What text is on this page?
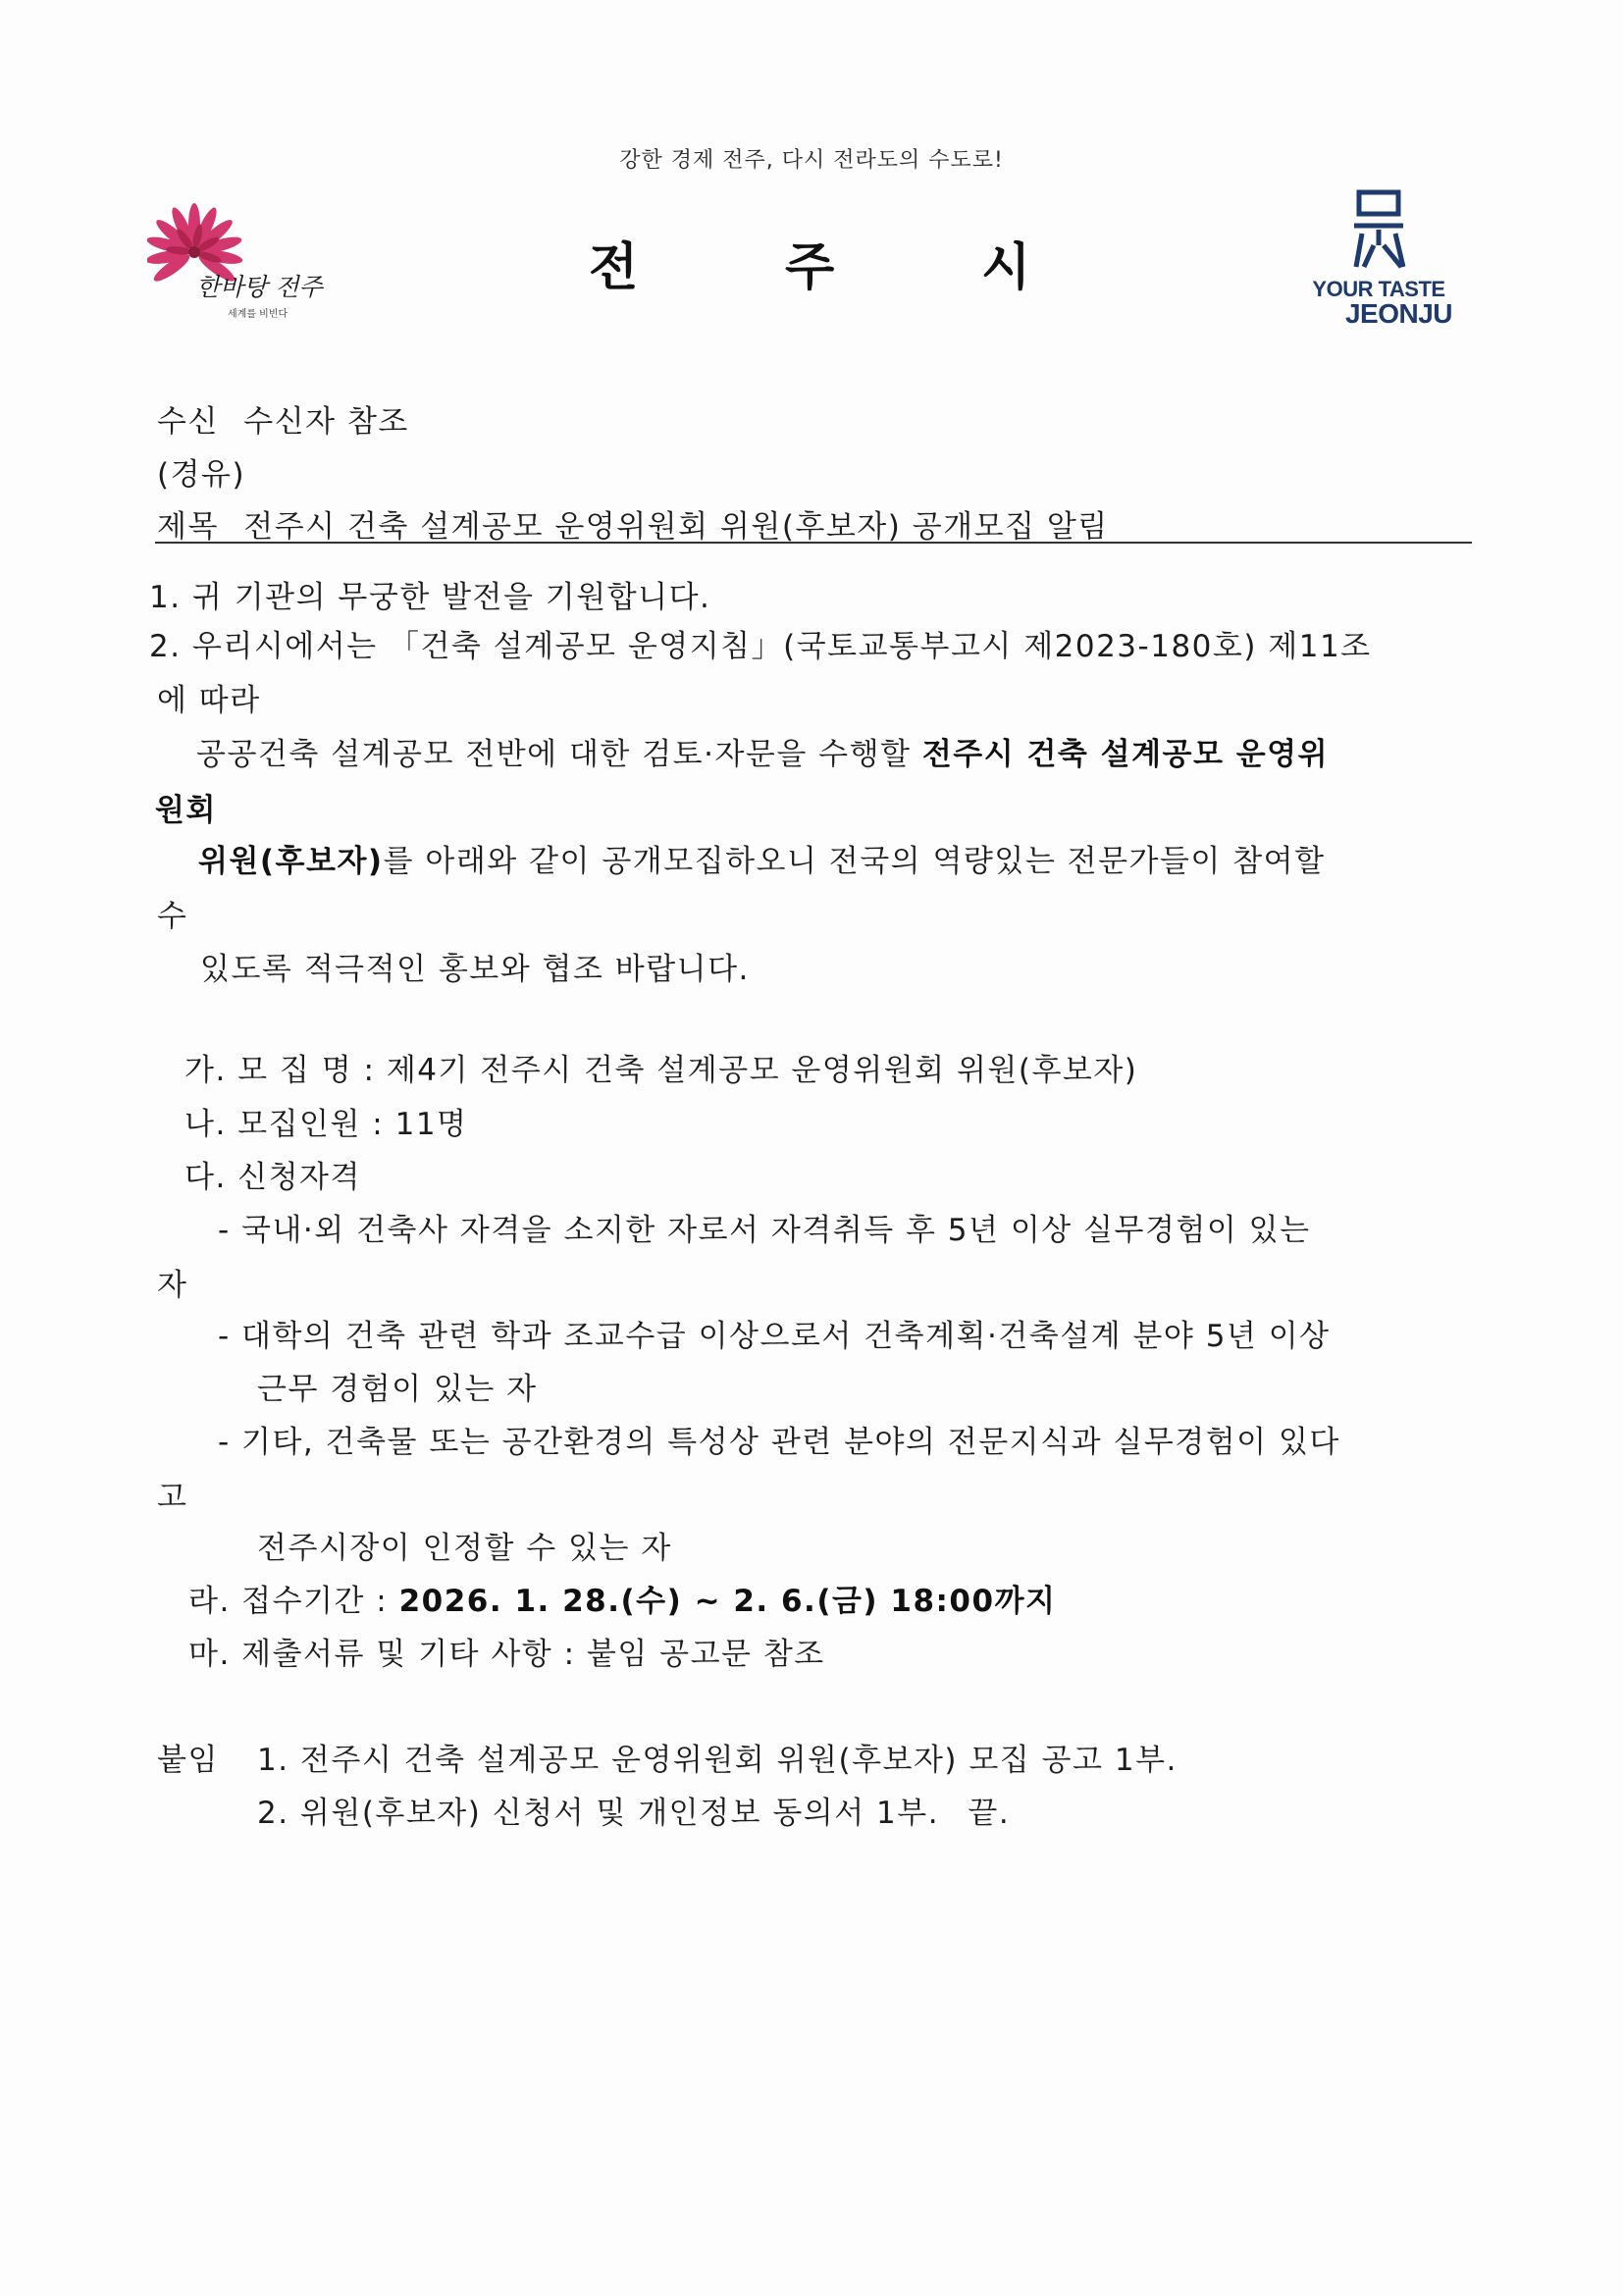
강한 경제 전주, 다시 전라도의 수도로!
전	주	시
한바탕 전주
세계를 비빈다
YOUR TASTE
JEONJU
수신 수신자 참조
(경유)
제목 전주시 건축 설계공모 운영위원회 위원(후보자) 공개모집 알림
1. 귀 기관의 무궁한 발전을 기원합니다.
2. 우리시에서는 「건축 설계공모 운영지침」(국토교통부고시 제2023-180호) 제11조
에 따라
공공건축 설계공모 전반에 대한 검토·자문을 수행할 전주시 건축 설계공모 운영위
원회
위원(후보자)를 아래와 같이 공개모집하오니 전국의 역량있는 전문가들이 참여할
수
있도록 적극적인 홍보와 협조 바랍니다.
가. 모 집 명 : 제4기 전주시 건축 설계공모 운영위원회 위원(후보자)
나. 모집인원 : 11명
다. 신청자격
- 국내·외 건축사 자격을 소지한 자로서 자격취득 후 5년 이상 실무경험이 있는
자
- 대학의 건축 관련 학과 조교수급 이상으로서 건축계획·건축설계 분야 5년 이상
근무 경험이 있는 자
- 기타, 건축물 또는 공간환경의 특성상 관련 분야의 전문지식과 실무경험이 있다
고
전주시장이 인정할 수 있는 자
라. 접수기간 : 2026. 1. 28.(수) ~ 2. 6.(금) 18:00까지
마. 제출서류 및 기타 사항 : 붙임 공고문 참조
붙임 1. 전주시 건축 설계공모 운영위원회 위원(후보자) 모집 공고 1부.
2. 위원(후보자) 신청서 및 개인정보 동의서 1부. 끝.
